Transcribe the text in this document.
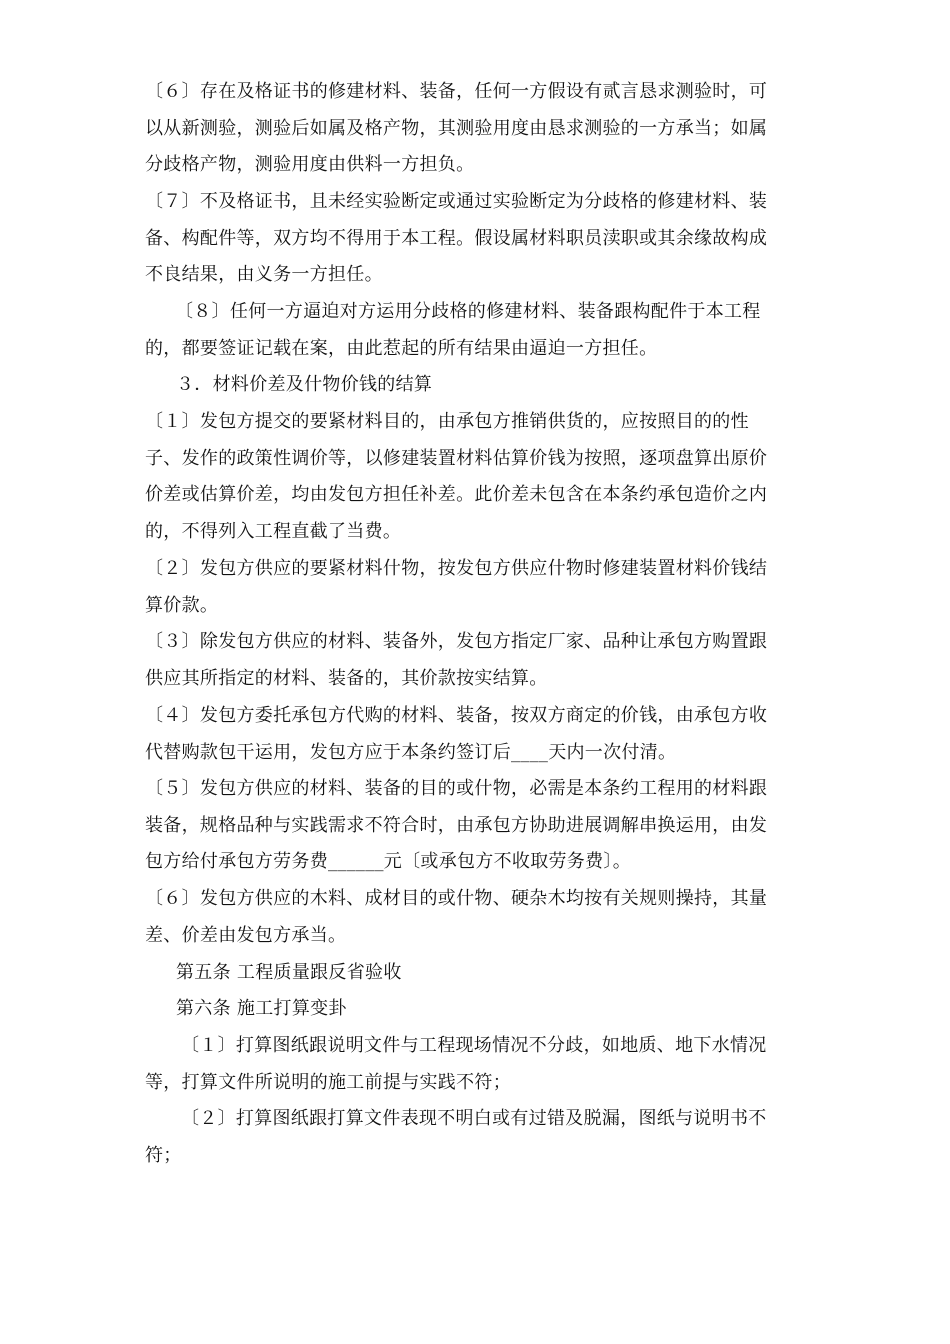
〔６〕存在及格证书的修建材料、装备，任何一方假设有贰言恳求测验时，可
以从新测验，测验后如属及格产物，其测验用度由恳求测验的一方承当；如属
分歧格产物，测验用度由供料一方担负。
〔７〕不及格证书，且未经实验断定或通过实验断定为分歧格的修建材料、装
备、构配件等，双方均不得用于本工程。假设属材料职员渎职或其余缘故构成
不良结果，由义务一方担任。
〔８〕任何一方逼迫对方运用分歧格的修建材料、装备跟构配件于本工程
的，都要签证记载在案，由此惹起的所有结果由逼迫一方担任。
３．材料价差及什物价钱的结算
〔１〕发包方提交的要紧材料目的，由承包方推销供货的，应按照目的的性
子、发作的政策性调价等，以修建装置材料估算价钱为按照，逐项盘算出原价
价差或估算价差，均由发包方担任补差。此价差未包含在本条约承包造价之内
的，不得列入工程直截了当费。
〔２〕发包方供应的要紧材料什物，按发包方供应什物时修建装置材料价钱结
算价款。
〔３〕除发包方供应的材料、装备外，发包方指定厂家、品种让承包方购置跟
供应其所指定的材料、装备的，其价款按实结算。
〔４〕发包方委托承包方代购的材料、装备，按双方商定的价钱，由承包方收
代替购款包干运用，发包方应于本条约签订后____天内一次付清。
〔５〕发包方供应的材料、装备的目的或什物，必需是本条约工程用的材料跟
装备，规格品种与实践需求不符合时，由承包方协助进展调解串换运用，由发
包方给付承包方劳务费______元〔或承包方不收取劳务费〕。
〔６〕发包方供应的木料、成材目的或什物、硬杂木均按有关规则操持，其量
差、价差由发包方承当。
第五条 工程质量跟反省验收
第六条 施工打算变卦
〔１〕打算图纸跟说明文件与工程现场情况不分歧，如地质、地下水情况
等，打算文件所说明的施工前提与实践不符；
〔２〕打算图纸跟打算文件表现不明白或有过错及脱漏，图纸与说明书不
符；
